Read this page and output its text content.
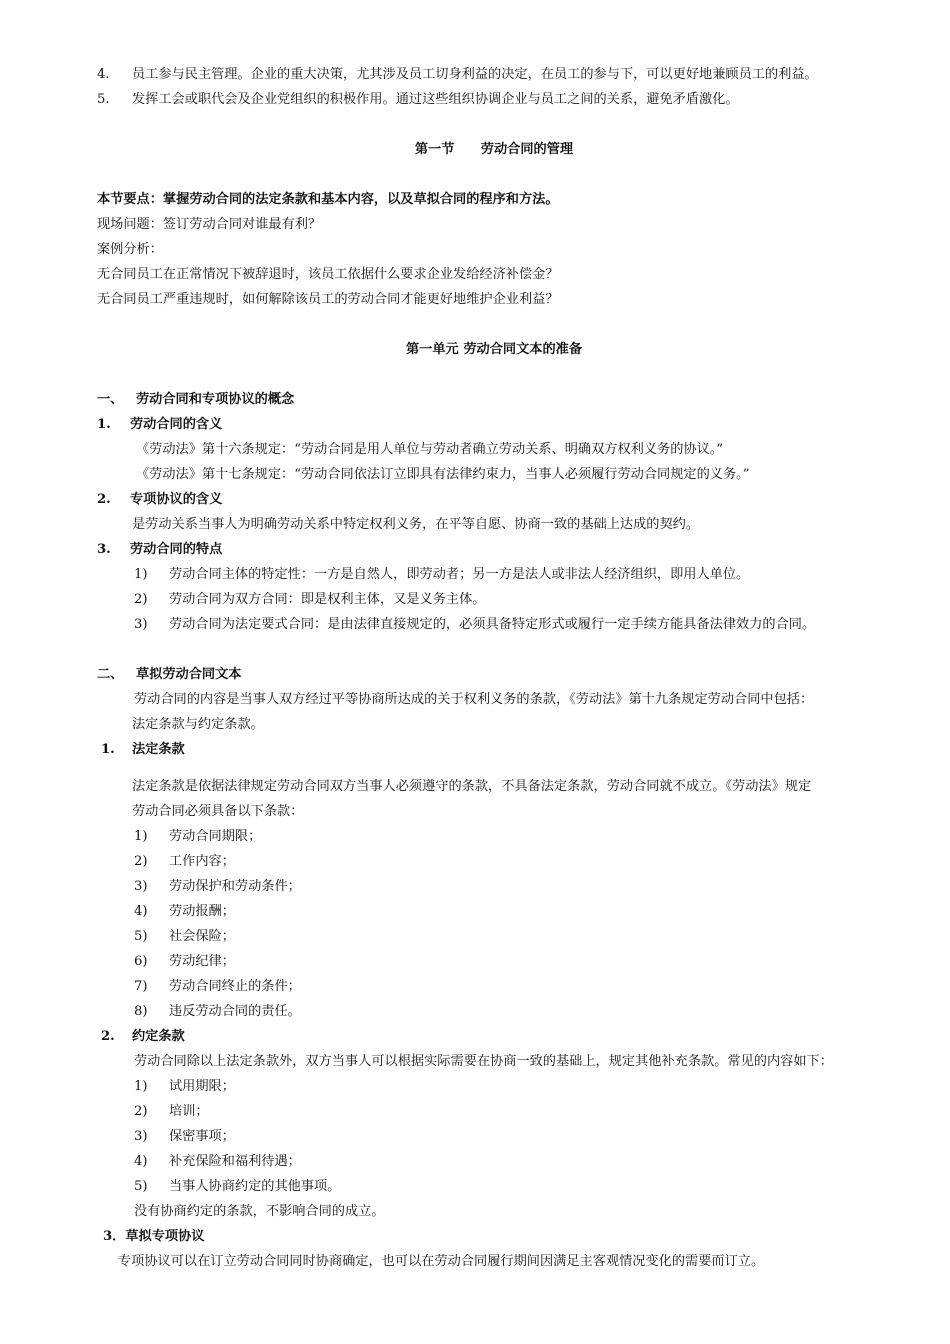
4. 员工参与民主管理。企业的重大决策，尤其涉及员工切身利益的决定，在员工的参与下，可以更好地兼顾员工的利益。
5. 发挥工会或职代会及企业党组织的积极作用。通过这些组织协调企业与员工之间的关系，避免矛盾激化。
第一节　　劳动合同的管理
本节要点：掌握劳动合同的法定条款和基本内容，以及草拟合同的程序和方法。
现场问题：签订劳动合同对谁最有利？
案例分析：
无合同员工在正常情况下被辞退时，该员工依据什么要求企业发给经济补偿金？
无合同员工严重违规时，如何解除该员工的劳动合同才能更好地维护企业利益？
第一单元 劳动合同文本的准备
一、 劳动合同和专项协议的概念
1. 劳动合同的含义
《劳动法》第十六条规定：“劳动合同是用人单位与劳动者确立劳动关系、明确双方权利义务的协议。”
《劳动法》第十七条规定：“劳动合同依法订立即具有法律约束力，当事人必须履行劳动合同规定的义务。”
2. 专项协议的含义
是劳动关系当事人为明确劳动关系中特定权利义务，在平等自愿、协商一致的基础上达成的契约。
3. 劳动合同的特点
1) 劳动合同主体的特定性：一方是自然人，即劳动者；另一方是法人或非法人经济组织，即用人单位。
2) 劳动合同为双方合同：即是权利主体，又是义务主体。
3) 劳动合同为法定要式合同：是由法律直接规定的，必须具备特定形式或履行一定手续方能具备法律效力的合同。
二、 草拟劳动合同文本
劳动合同的内容是当事人双方经过平等协商所达成的关于权利义务的条款，《劳动法》第十九条规定劳动合同中包括：
法定条款与约定条款。
1. 法定条款
法定条款是依据法律规定劳动合同双方当事人必须遵守的条款，不具备法定条款，劳动合同就不成立。《劳动法》规定
劳动合同必须具备以下条款：
1) 劳动合同期限；
2) 工作内容；
3) 劳动保护和劳动条件；
4) 劳动报酬；
5) 社会保险；
6) 劳动纪律；
7) 劳动合同终止的条件；
8) 违反劳动合同的责任。
2. 约定条款
劳动合同除以上法定条款外，双方当事人可以根据实际需要在协商一致的基础上，规定其他补充条款。常见的内容如下：
1) 试用期限；
2) 培训；
3) 保密事项；
4) 补充保险和福利待遇；
5) 当事人协商约定的其他事项。
没有协商约定的条款，不影响合同的成立。
3．草拟专项协议
专项协议可以在订立劳动合同同时协商确定，也可以在劳动合同履行期间因满足主客观情况变化的需要而订立。
